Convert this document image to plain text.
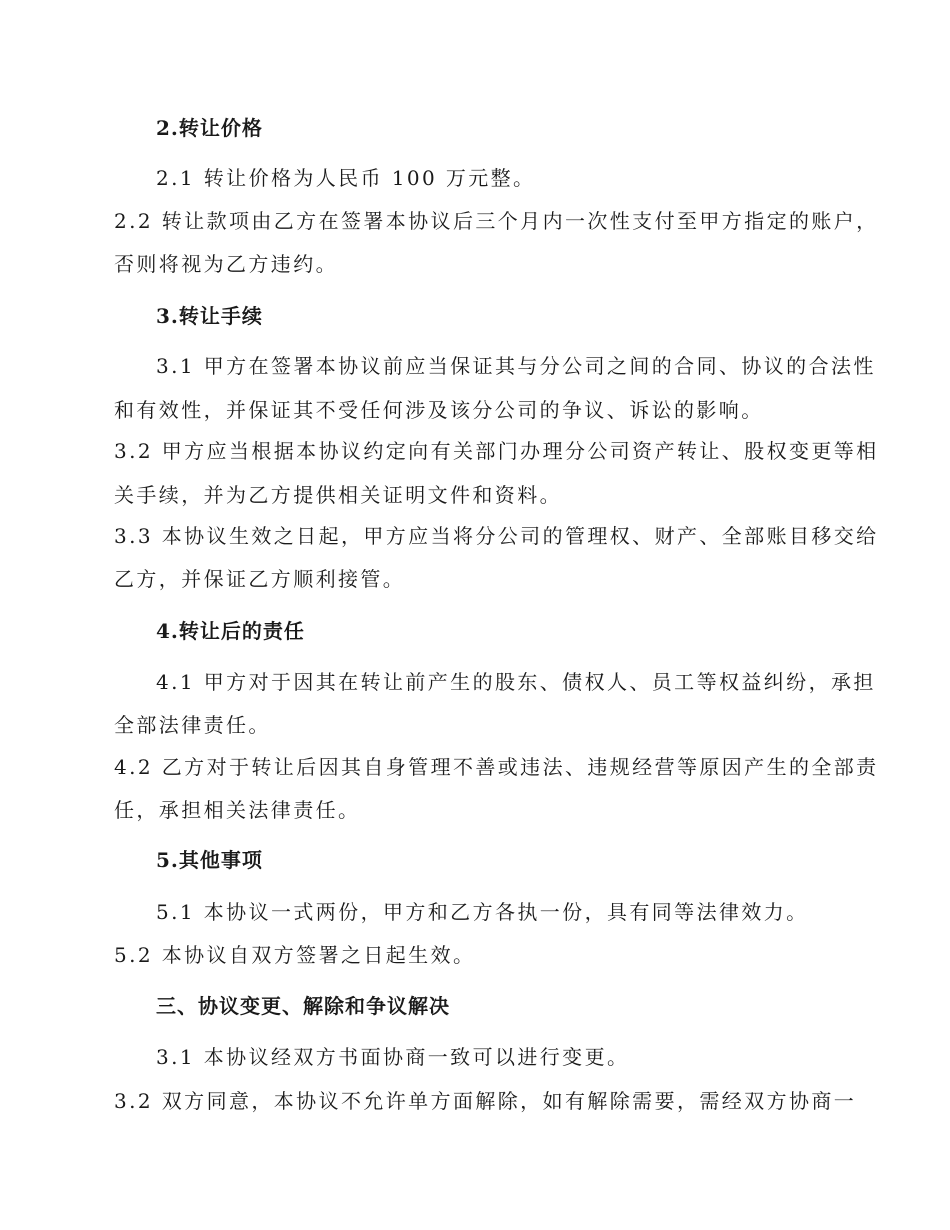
2.转让价格
2.1 转让价格为人民币 100 万元整。
2.2 转让款项由乙方在签署本协议后三个月内一次性支付至甲方指定的账户，
否则将视为乙方违约。
3.转让手续
3.1 甲方在签署本协议前应当保证其与分公司之间的合同、协议的合法性
和有效性，并保证其不受任何涉及该分公司的争议、诉讼的影响。
3.2 甲方应当根据本协议约定向有关部门办理分公司资产转让、股权变更等相
关手续，并为乙方提供相关证明文件和资料。
3.3 本协议生效之日起，甲方应当将分公司的管理权、财产、全部账目移交给
乙方，并保证乙方顺利接管。
4.转让后的责任
4.1 甲方对于因其在转让前产生的股东、债权人、员工等权益纠纷，承担
全部法律责任。
4.2 乙方对于转让后因其自身管理不善或违法、违规经营等原因产生的全部责
任，承担相关法律责任。
5.其他事项
5.1 本协议一式两份，甲方和乙方各执一份，具有同等法律效力。
5.2 本协议自双方签署之日起生效。
三、协议变更、解除和争议解决
3.1 本协议经双方书面协商一致可以进行变更。
3.2 双方同意，本协议不允许单方面解除，如有解除需要，需经双方协商一
